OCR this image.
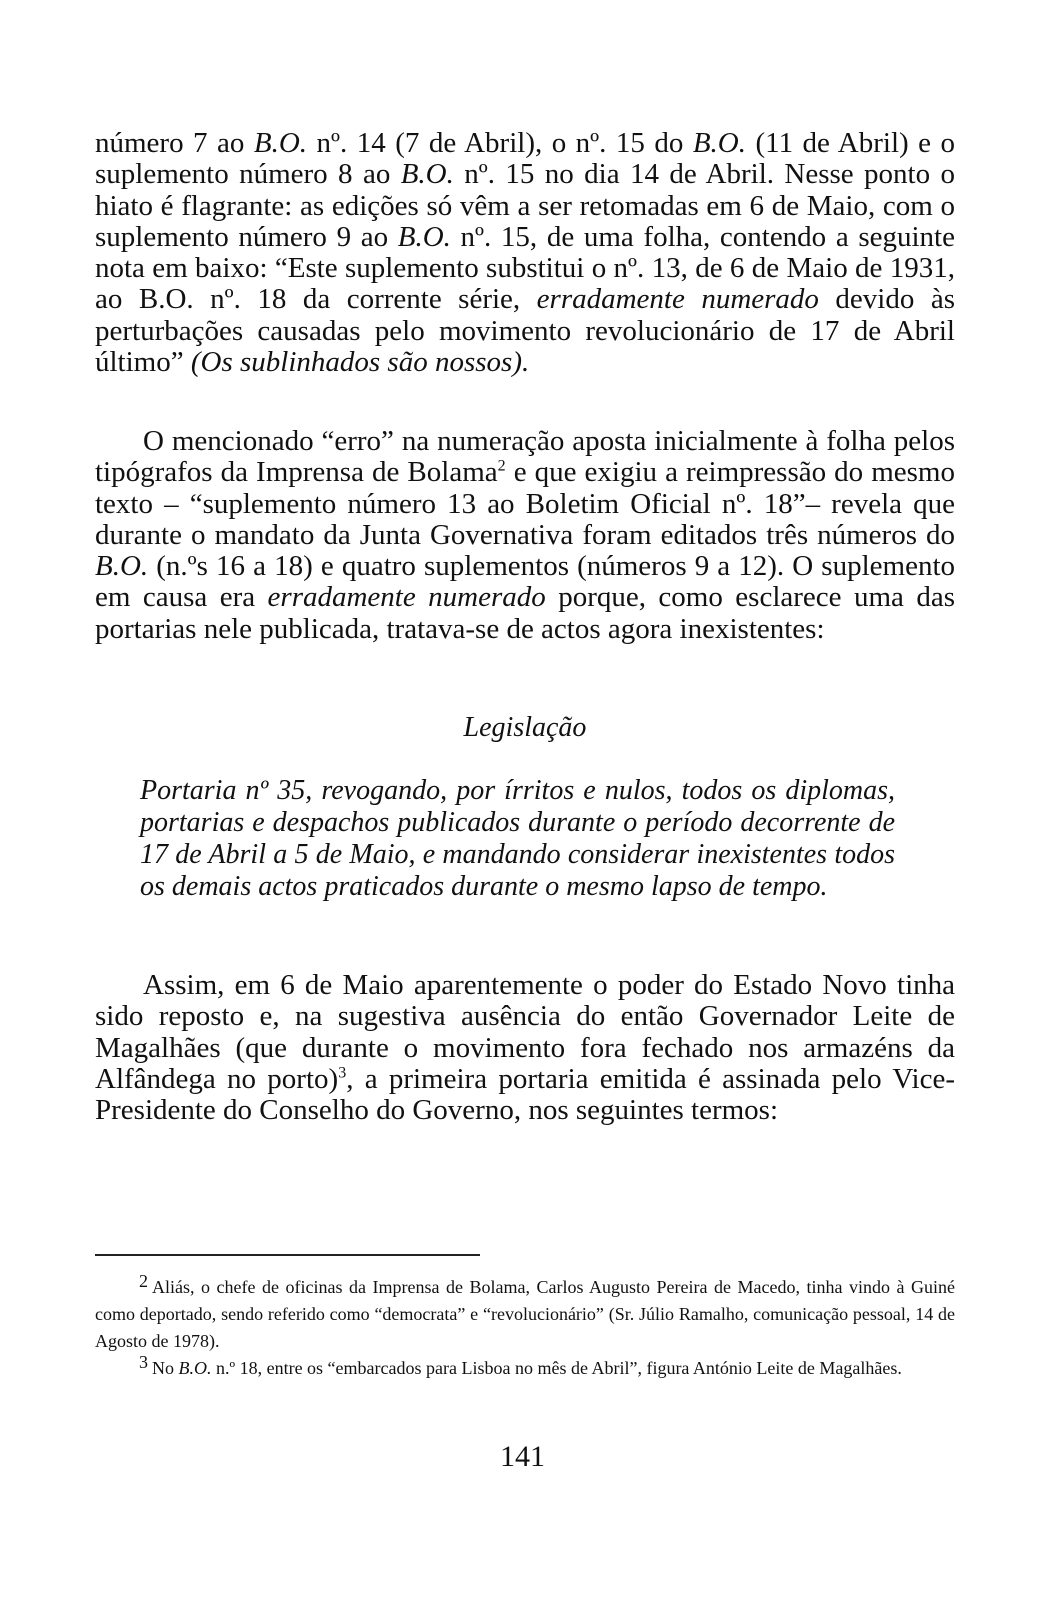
número 7 ao B.O. nº. 14 (7 de Abril), o nº. 15 do B.O. (11 de Abril) e o suplemento número 8 ao B.O. nº. 15 no dia 14 de Abril. Nesse ponto o hiato é flagrante: as edições só vêm a ser retomadas em 6 de Maio, com o suplemento número 9 ao B.O. nº. 15, de uma folha, contendo a seguinte nota em baixo: “Este suplemento substitui o nº. 13, de 6 de Maio de 1931, ao B.O. nº. 18 da corrente série, erradamente numerado devido às perturbações causadas pelo movimento revolucionário de 17 de Abril último” (Os sublinhados são nossos).

O mencionado “erro” na numeração aposta inicialmente à folha pelos tipógrafos da Imprensa de Bolama$^2$ e que exigiu a reimpressão do mesmo texto – “suplemento número 13 ao Boletim Oficial nº. 18”– revela que durante o mandato da Junta Governativa foram editados três números do B.O. (n.ºs 16 a 18) e quatro suplementos (números 9 a 12). O suplemento em causa era erradamente numerado porque, como esclarece uma das portarias nele publicada, tratava-se de actos agora inexistentes:

Legislação
Portaria nº 35, revogando, por írritos e nulos, todos os diplomas, portarias e despachos publicados durante o período decorrente de 17 de Abril a 5 de Maio, e mandando considerar inexistentes todos os demais actos praticados durante o mesmo lapso de tempo.

Assim, em 6 de Maio aparentemente o poder do Estado Novo tinha sido reposto e, na sugestiva ausência do então Governador Leite de Magalhães (que durante o movimento fora fechado nos armazéns da Alfândega no porto)$^3$, a primeira portaria emitida é assinada pelo Vice-Presidente do Conselho do Governo, nos seguintes termos:

2 Aliás, o chefe de oficinas da Imprensa de Bolama, Carlos Augusto Pereira de Macedo, tinha vindo à Guiné como deportado, sendo referido como “democrata” e “revolucionário” (Sr. Júlio Ramalho, comunicação pessoal, 14 de Agosto de 1978).

3 No B.O. n.º 18, entre os “embarcados para Lisboa no mês de Abril”, figura António Leite de Magalhães.

141
